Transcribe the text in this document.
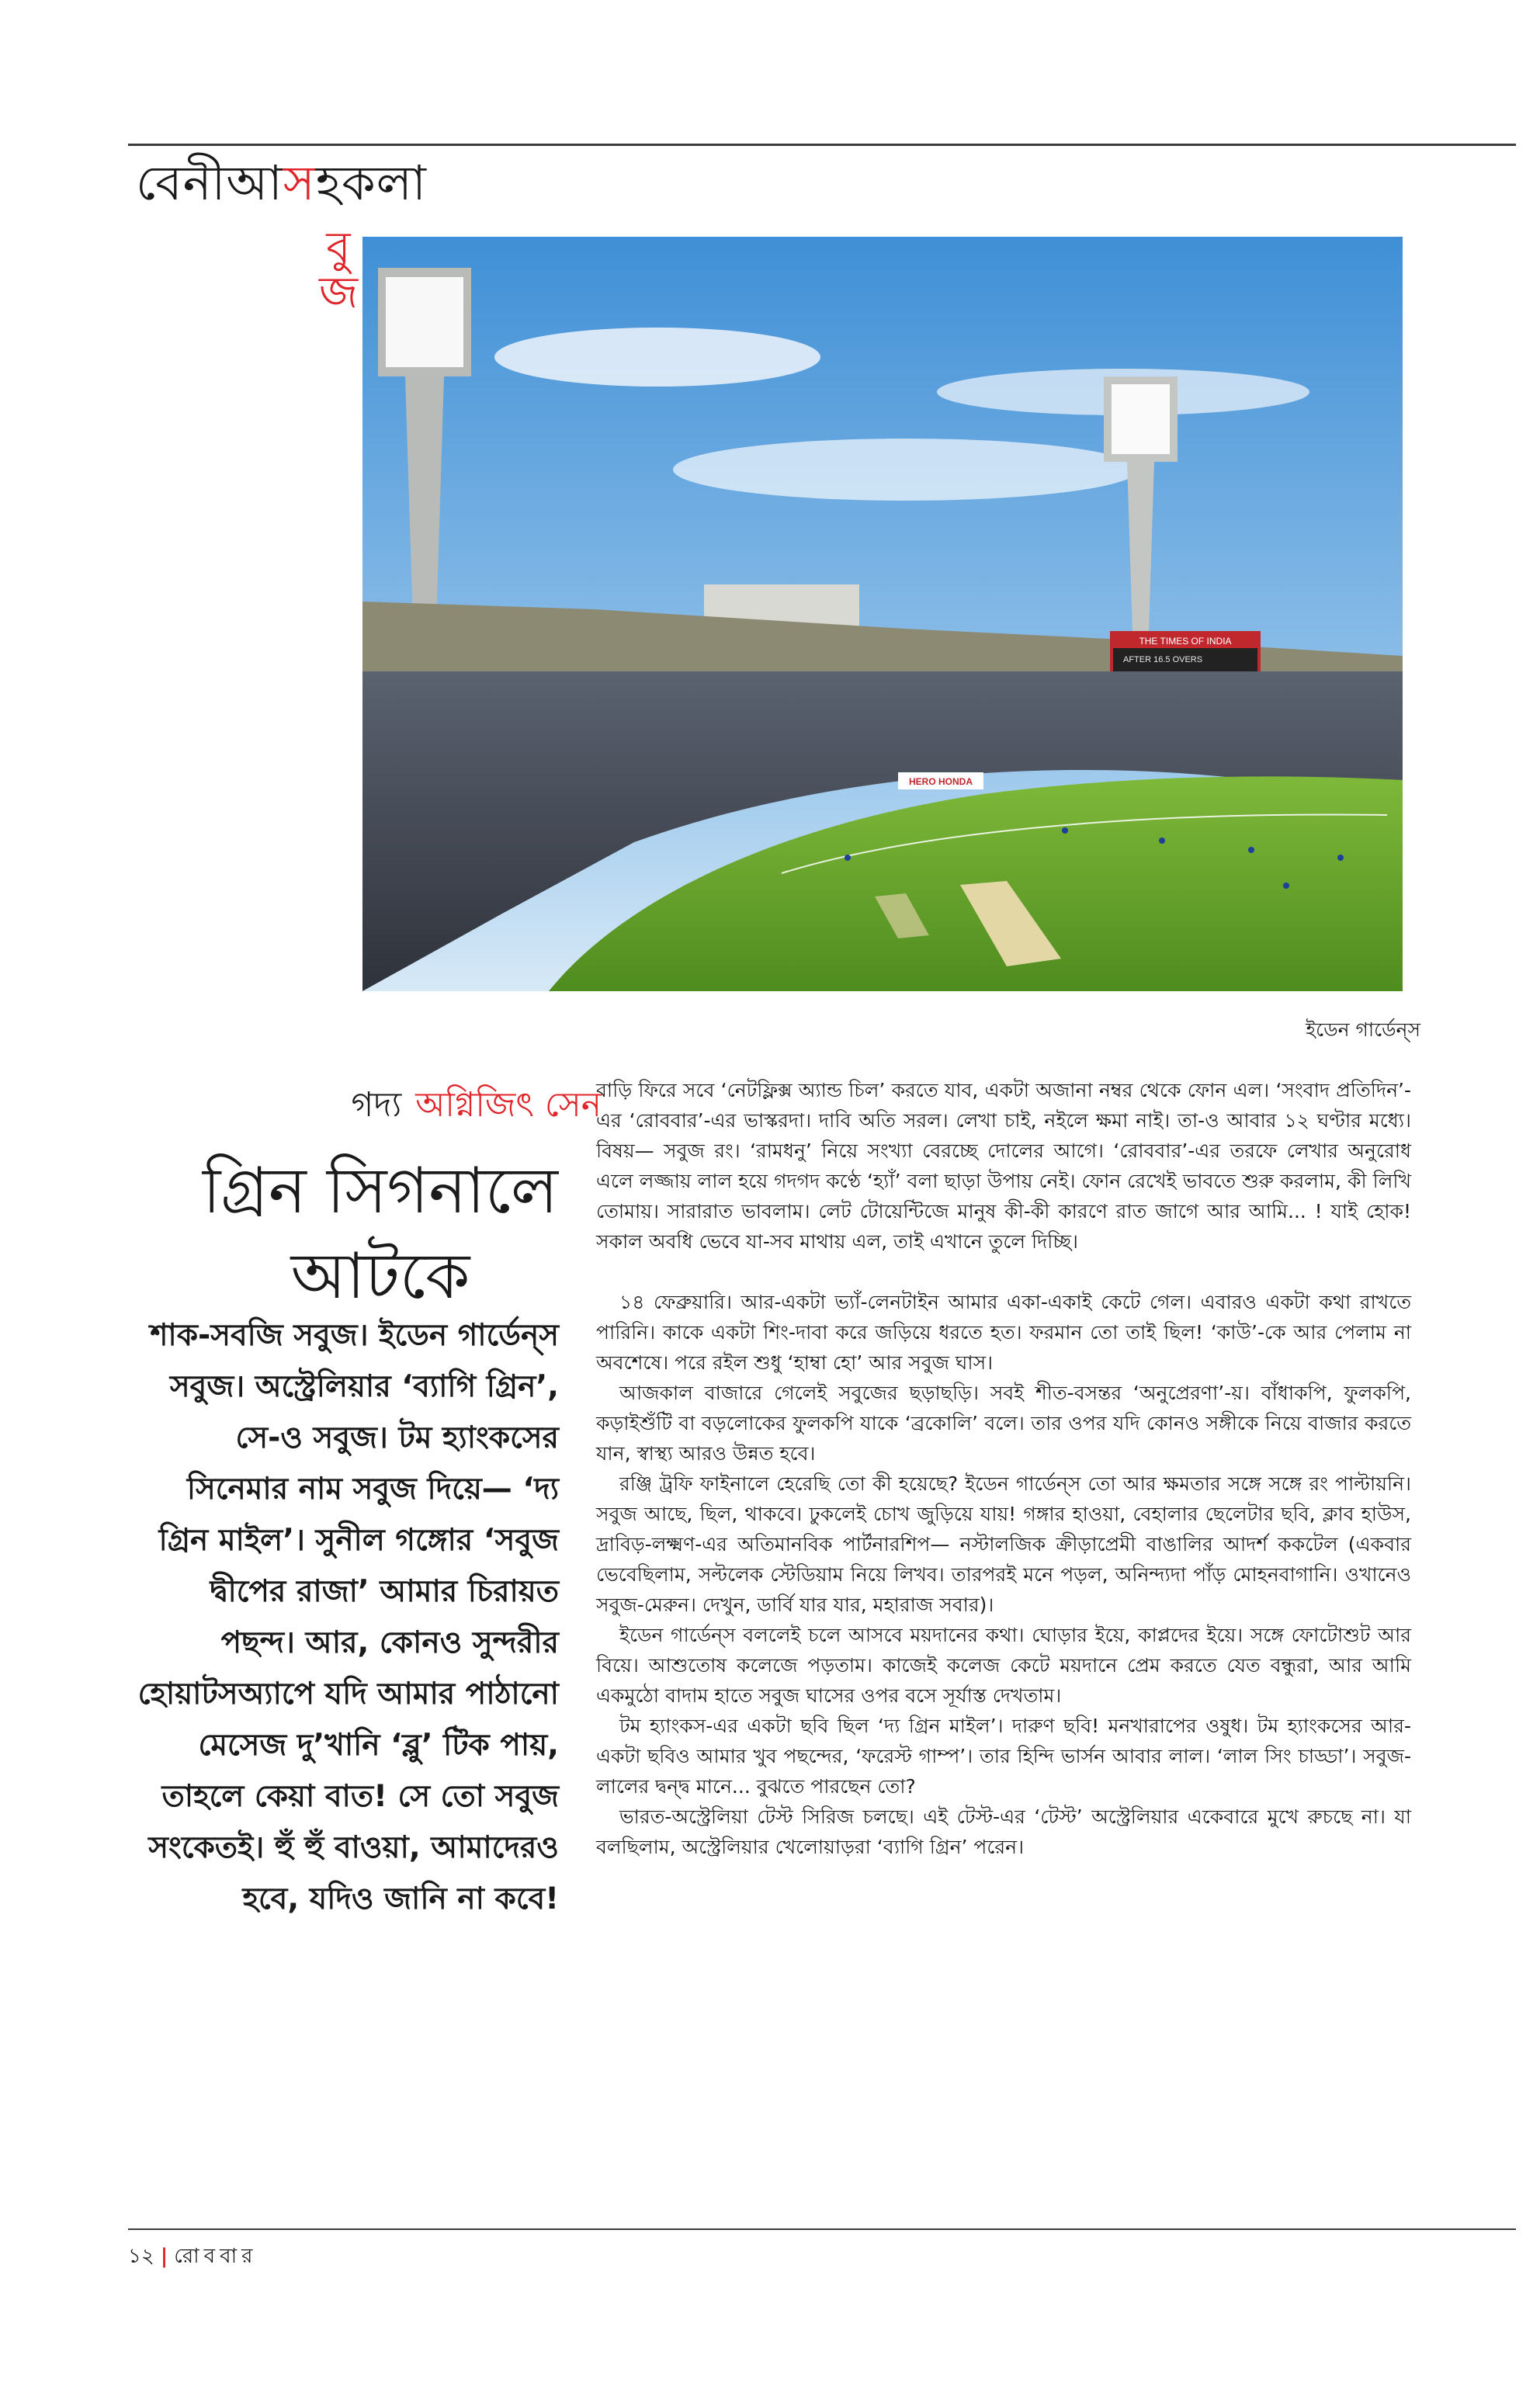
বেনীআসহকলা
বু
জ
THE TIMES OF INDIA
AFTER 16.5 OVERS
HERO HONDA
ইডেন গার্ডেন্‌স
গদ্য অগ্নিজিৎ সেন
গ্রিন সিগনালে আটকে

শাক-সবজি সবুজ। ইডেন গার্ডেন্‌স সবুজ। অস্ট্রেলিয়ার ‘ব্যাগি গ্রিন’, সে-ও সবুজ। টম হ্যাংকসের সিনেমার নাম সবুজ দিয়ে— ‘দ্য গ্রিন মাইল’। সুনীল গঙ্গোর ‘সবুজ দ্বীপের রাজা’ আমার চিরায়ত পছন্দ। আর, কোনও সুন্দরীর হোয়াটসঅ্যাপে যদি আমার পাঠানো মেসেজ দু’খানি ‘ব্লু’ টিক পায়, তাহলে কেয়া বাত! সে তো সবুজ সংকেতই। হুঁ হুঁ বাওয়া, আমাদেরও হবে, যদিও জানি না কবে!

বাড়ি ফিরে সবে ‘নেটফ্লিক্স অ্যান্ড চিল’ করতে যাব, একটা অজানা নম্বর থেকে ফোন এল। ‘সংবাদ প্রতিদিন’-এর ‘রোববার’-এর ভাস্করদা। দাবি অতি সরল। লেখা চাই, নইলে ক্ষমা নাই। তা-ও আবার ১২ ঘণ্টার মধ্যে। বিষয়— সবুজ রং। ‘রামধনু’ নিয়ে সংখ্যা বেরচ্ছে দোলের আগে। ‘রোববার’-এর তরফে লেখার অনুরোধ এলে লজ্জায় লাল হয়ে গদগদ কণ্ঠে ‘হ্যাঁ’ বলা ছাড়া উপায় নেই। ফোন রেখেই ভাবতে শুরু করলাম, কী লিখি তোমায়। সারারাত ভাবলাম। লেট টোয়েন্টিজে মানুষ কী-কী কারণে রাত জাগে আর আমি... ! যাই হোক! সকাল অবধি ভেবে যা-সব মাথায় এল, তাই এখানে তুলে দিচ্ছি।

১৪ ফেব্রুয়ারি। আর-একটা ভ্যাঁ-লেনটাইন আমার একা-একাই কেটে গেল। এবারও একটা কথা রাখতে পারিনি। কাকে একটা শিং-দাবা করে জড়িয়ে ধরতে হত। ফরমান তো তাই ছিল! ‘কাউ’-কে আর পেলাম না অবশেষে। পরে রইল শুধু ‘হাম্বা হো’ আর সবুজ ঘাস।

আজকাল বাজারে গেলেই সবুজের ছড়াছড়ি। সবই শীত-বসন্তর ‘অনুপ্রেরণা’-য়। বাঁধাকপি, ফুলকপি, কড়াইশুঁটি বা বড়লোকের ফুলকপি যাকে ‘ব্রকোলি’ বলে। তার ওপর যদি কোনও সঙ্গীকে নিয়ে বাজার করতে যান, স্বাস্থ্য আরও উন্নত হবে।

রঞ্জি ট্রফি ফাইনালে হেরেছি তো কী হয়েছে? ইডেন গার্ডেন্‌স তো আর ক্ষমতার সঙ্গে সঙ্গে রং পাল্টায়নি। সবুজ আছে, ছিল, থাকবে। ঢুকলেই চোখ জুড়িয়ে যায়! গঙ্গার হাওয়া, বেহালার ছেলেটার ছবি, ক্লাব হাউস, দ্রাবিড়-লক্ষ্মণ-এর অতিমানবিক পার্টনারশিপ— নস্টালজিক ক্রীড়াপ্রেমী বাঙালির আদর্শ ককটেল (একবার ভেবেছিলাম, সল্টলেক স্টেডিয়াম নিয়ে লিখব। তারপরই মনে পড়ল, অনিন্দ্যদা পাঁড় মোহনবাগানি। ওখানেও সবুজ-মেরুন। দেখুন, ডার্বি যার যার, মহারাজ সবার)।

ইডেন গার্ডেন্‌স বললেই চলে আসবে ময়দানের কথা। ঘোড়ার ইয়ে, কাপ্লদের ইয়ে। সঙ্গে ফোটোশুট আর বিয়ে। আশুতোষ কলেজে পড়তাম। কাজেই কলেজ কেটে ময়দানে প্রেম করতে যেত বন্ধুরা, আর আমি একমুঠো বাদাম হাতে সবুজ ঘাসের ওপর বসে সূর্যাস্ত দেখতাম।

টম হ্যাংকস-এর একটা ছবি ছিল ‘দ্য গ্রিন মাইল’। দারুণ ছবি! মনখারাপের ওষুধ। টম হ্যাংকসের আর-একটা ছবিও আমার খুব পছন্দের, ‘ফরেস্ট গাম্প’। তার হিন্দি ভার্সন আবার লাল। ‘লাল সিং চাড্ডা’। সবুজ-লালের দ্বন্দ্ব মানে... বুঝতে পারছেন তো?

ভারত-অস্ট্রেলিয়া টেস্ট সিরিজ চলছে। এই টেস্ট-এর ‘টেস্ট’ অস্ট্রেলিয়ার একেবারে মুখে রুচছে না। যা বলছিলাম, অস্ট্রেলিয়ার খেলোয়াড়রা ‘ব্যাগি গ্রিন’ পরেন।

১২ | রোববার
